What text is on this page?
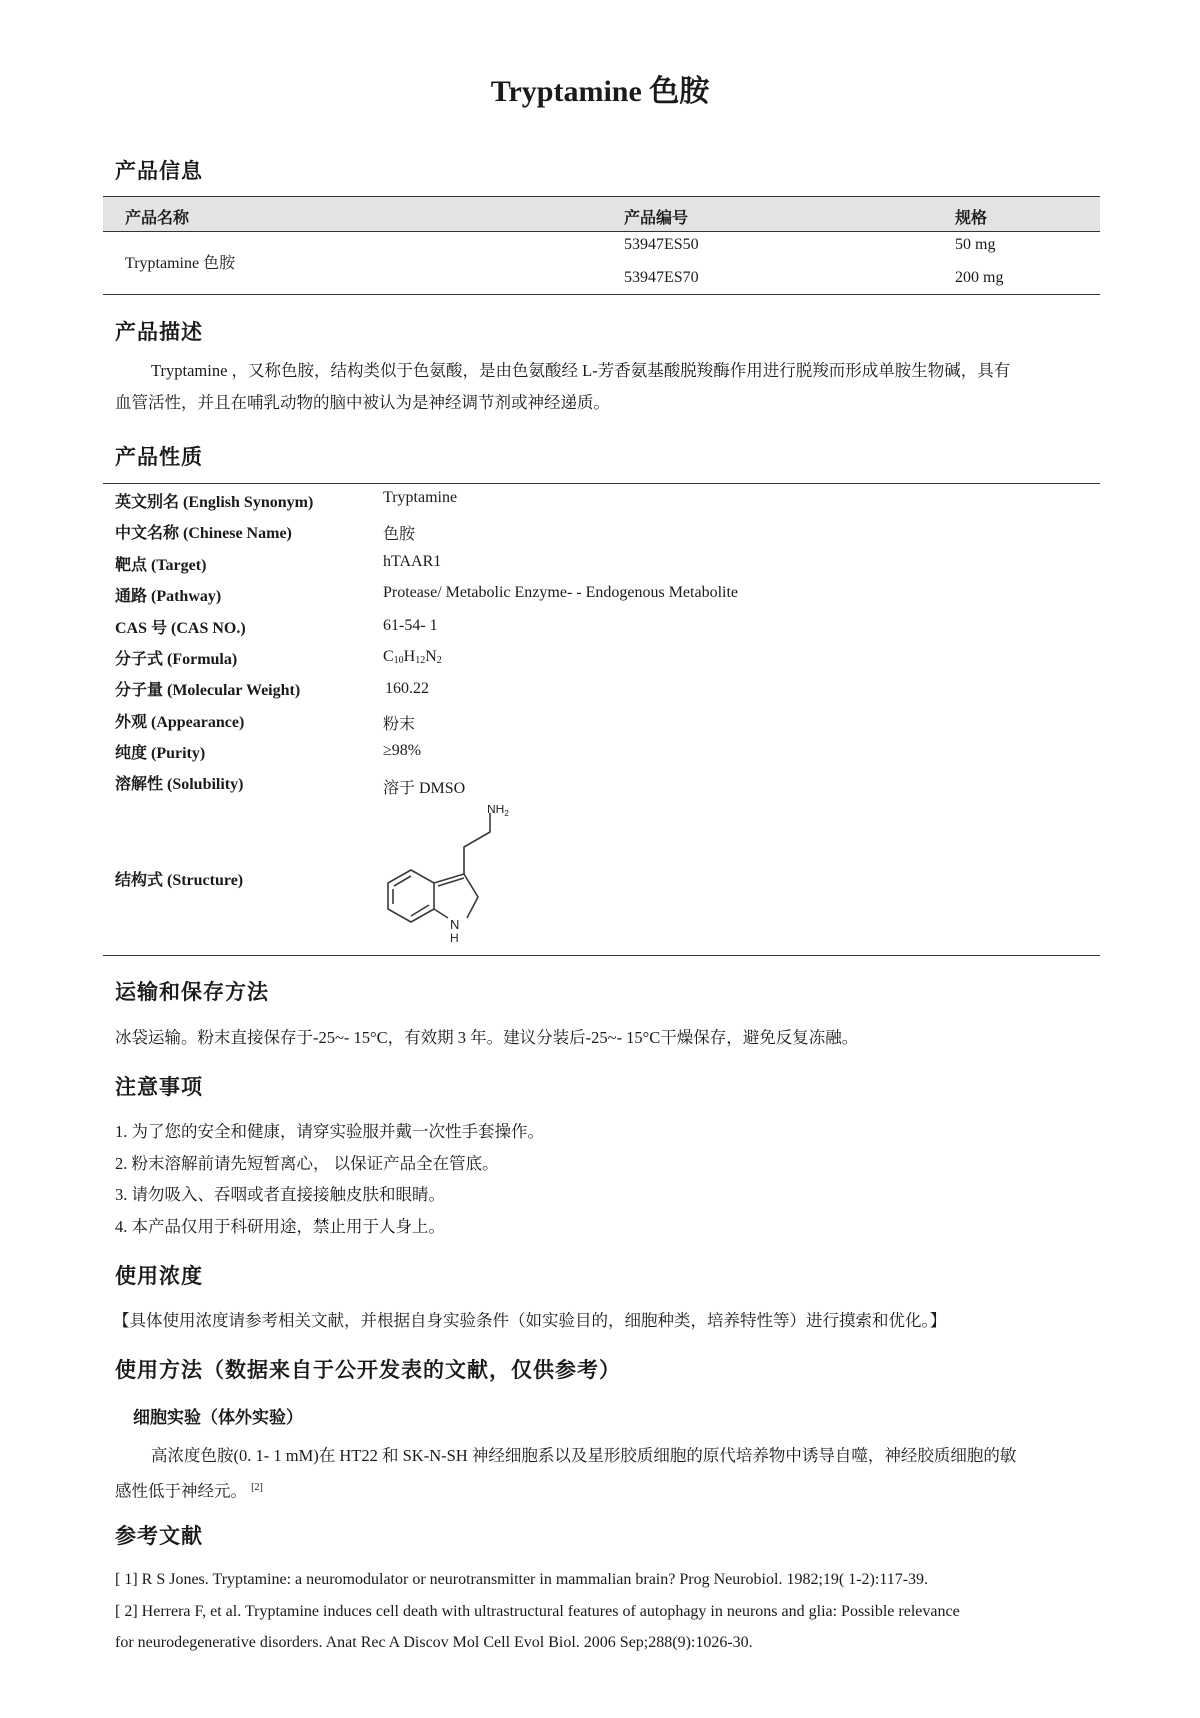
Tryptamine 色胺
产品信息
产品名称	产品编号	规格
Tryptamine 色胺
53947ES50	50 mg
53947ES70	200 mg
产品描述
Tryptamine ，又称色胺，结构类似于色氨酸，是由色氨酸经 L-芳香氨基酸脱羧酶作用进行脱羧而形成单胺生物碱，具有
血管活性，并且在哺乳动物的脑中被认为是神经调节剂或神经递质。
产品性质
英文别名 (English Synonym)	Tryptamine
中文名称 (Chinese Name)	色胺
靶点 (Target)	hTAAR1
通路 (Pathway)	Protease/ Metabolic Enzyme- - Endogenous Metabolite
CAS 号 (CAS NO.)	61-54- 1
分子式 (Formula)	$C_{10}H_{12}N_2$
分子量 (Molecular Weight)	160.22
外观 (Appearance)	粉末
纯度 (Purity)	≥98%
溶解性 (Solubility)	溶于 DMSO
结构式 (Structure)
$NH_2$
N
H
运输和保存方法
冰袋运输。粉末直接保存于-25~- 15°C，有效期 3 年。建议分装后-25~- 15°C干燥保存，避免反复冻融。
注意事项
1. 为了您的安全和健康，请穿实验服并戴一次性手套操作。
2. 粉末溶解前请先短暂离心， 以保证产品全在管底。
3. 请勿吸入、吞咽或者直接接触皮肤和眼睛。
4. 本产品仅用于科研用途，禁止用于人身上。
使用浓度
【具体使用浓度请参考相关文献，并根据自身实验条件（如实验目的，细胞种类，培养特性等）进行摸索和优化。】
使用方法（数据来自于公开发表的文献，仅供参考）
细胞实验（体外实验）
高浓度色胺(0. 1- 1 mM)在 HT22 和 SK-N-SH 神经细胞系以及星形胶质细胞的原代培养物中诱导自噬，神经胶质细胞的敏
感性低于神经元。 [2]
参考文献
[ 1] R S Jones. Tryptamine: a neuromodulator or neurotransmitter in mammalian brain? Prog Neurobiol. 1982;19( 1-2):117-39.
[ 2] Herrera F, et al. Tryptamine induces cell death with ultrastructural features of autophagy in neurons and glia: Possible relevance
for neurodegenerative disorders. Anat Rec A Discov Mol Cell Evol Biol. 2006 Sep;288(9):1026-30.
